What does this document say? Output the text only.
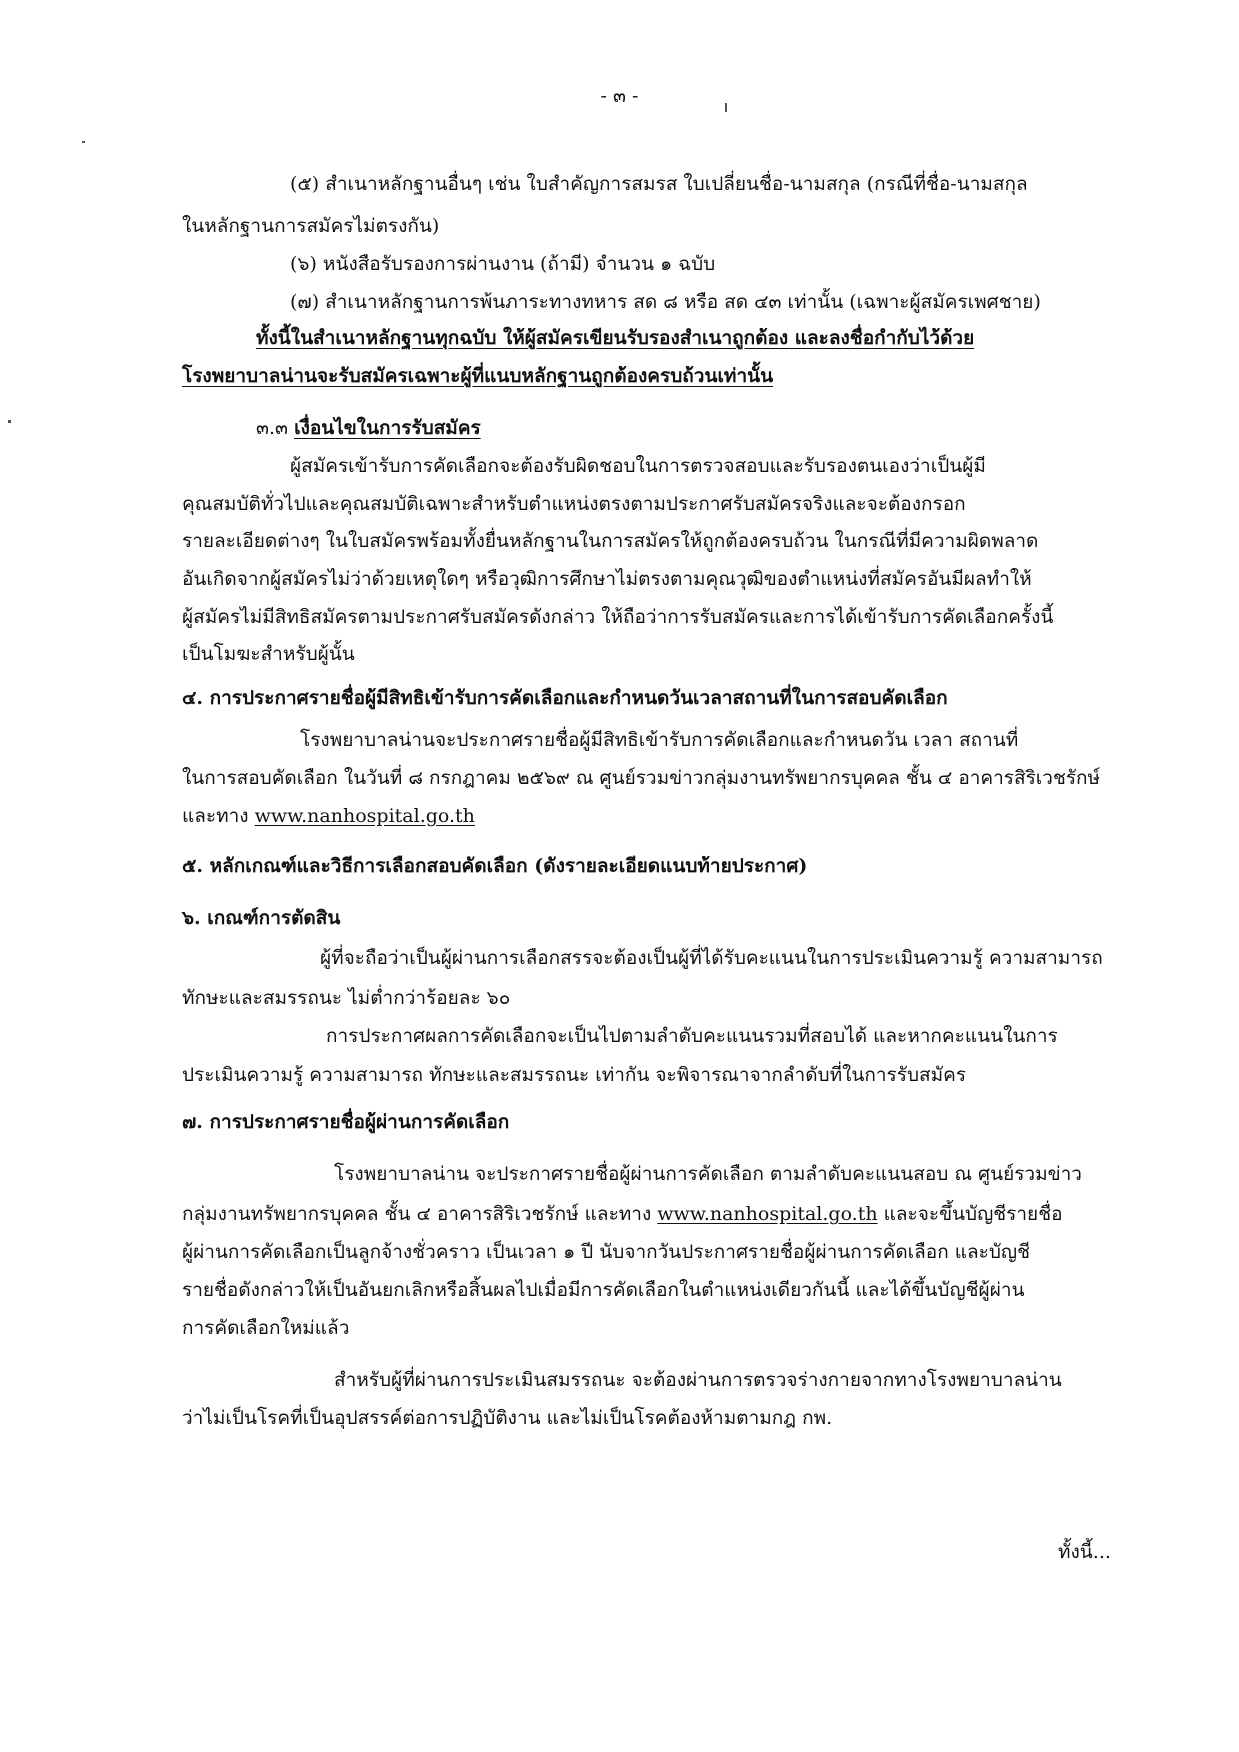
- ๓ -
(๕) สำเนาหลักฐานอื่นๆ เช่น ใบสำคัญการสมรส ใบเปลี่ยนชื่อ-นามสกุล (กรณีที่ชื่อ-นามสกุล
ในหลักฐานการสมัครไม่ตรงกัน)
(๖) หนังสือรับรองการผ่านงาน (ถ้ามี) จำนวน ๑ ฉบับ
(๗) สำเนาหลักฐานการพ้นภาระทางทหาร สด ๘ หรือ สด ๔๓ เท่านั้น (เฉพาะผู้สมัครเพศชาย)
ทั้งนี้ในสำเนาหลักฐานทุกฉบับ ให้ผู้สมัครเขียนรับรองสำเนาถูกต้อง และลงชื่อกำกับไว้ด้วย
โรงพยาบาลน่านจะรับสมัครเฉพาะผู้ที่แนบหลักฐานถูกต้องครบถ้วนเท่านั้น
๓.๓ เงื่อนไขในการรับสมัคร
ผู้สมัครเข้ารับการคัดเลือกจะต้องรับผิดชอบในการตรวจสอบและรับรองตนเองว่าเป็นผู้มี
คุณสมบัติทั่วไปและคุณสมบัติเฉพาะสำหรับตำแหน่งตรงตามประกาศรับสมัครจริงและจะต้องกรอก
รายละเอียดต่างๆ ในใบสมัครพร้อมทั้งยื่นหลักฐานในการสมัครให้ถูกต้องครบถ้วน ในกรณีที่มีความผิดพลาด
อันเกิดจากผู้สมัครไม่ว่าด้วยเหตุใดๆ หรือวุฒิการศึกษาไม่ตรงตามคุณวุฒิของตำแหน่งที่สมัครอันมีผลทำให้
ผู้สมัครไม่มีสิทธิสมัครตามประกาศรับสมัครดังกล่าว ให้ถือว่าการรับสมัครและการได้เข้ารับการคัดเลือกครั้งนี้
เป็นโมฆะสำหรับผู้นั้น
๔. การประกาศรายชื่อผู้มีสิทธิเข้ารับการคัดเลือกและกำหนดวันเวลาสถานที่ในการสอบคัดเลือก
โรงพยาบาลน่านจะประกาศรายชื่อผู้มีสิทธิเข้ารับการคัดเลือกและกำหนดวัน เวลา สถานที่
ในการสอบคัดเลือก ในวันที่ ๘ กรกฎาคม ๒๕๖๙ ณ ศูนย์รวมข่าวกลุ่มงานทรัพยากรบุคคล ชั้น ๔ อาคารสิริเวชรักษ์
และทาง www.nanhospital.go.th
๕. หลักเกณฑ์และวิธีการเลือกสอบคัดเลือก (ดังรายละเอียดแนบท้ายประกาศ)
๖. เกณฑ์การตัดสิน
ผู้ที่จะถือว่าเป็นผู้ผ่านการเลือกสรรจะต้องเป็นผู้ที่ได้รับคะแนนในการประเมินความรู้ ความสามารถ
ทักษะและสมรรถนะ ไม่ต่ำกว่าร้อยละ ๖๐
การประกาศผลการคัดเลือกจะเป็นไปตามลำดับคะแนนรวมที่สอบได้ และหากคะแนนในการ
ประเมินความรู้ ความสามารถ ทักษะและสมรรถนะ เท่ากัน จะพิจารณาจากลำดับที่ในการรับสมัคร
๗. การประกาศรายชื่อผู้ผ่านการคัดเลือก
โรงพยาบาลน่าน จะประกาศรายชื่อผู้ผ่านการคัดเลือก ตามลำดับคะแนนสอบ ณ ศูนย์รวมข่าว
กลุ่มงานทรัพยากรบุคคล ชั้น ๔ อาคารสิริเวชรักษ์ และทาง www.nanhospital.go.th และจะขึ้นบัญชีรายชื่อ
ผู้ผ่านการคัดเลือกเป็นลูกจ้างชั่วคราว เป็นเวลา ๑ ปี นับจากวันประกาศรายชื่อผู้ผ่านการคัดเลือก และบัญชี
รายชื่อดังกล่าวให้เป็นอันยกเลิกหรือสิ้นผลไปเมื่อมีการคัดเลือกในตำแหน่งเดียวกันนี้ และได้ขึ้นบัญชีผู้ผ่าน
การคัดเลือกใหม่แล้ว
สำหรับผู้ที่ผ่านการประเมินสมรรถนะ จะต้องผ่านการตรวจร่างกายจากทางโรงพยาบาลน่าน
ว่าไม่เป็นโรคที่เป็นอุปสรรค์ต่อการปฏิบัติงาน และไม่เป็นโรคต้องห้ามตามกฎ กพ.
ทั้งนี้...
